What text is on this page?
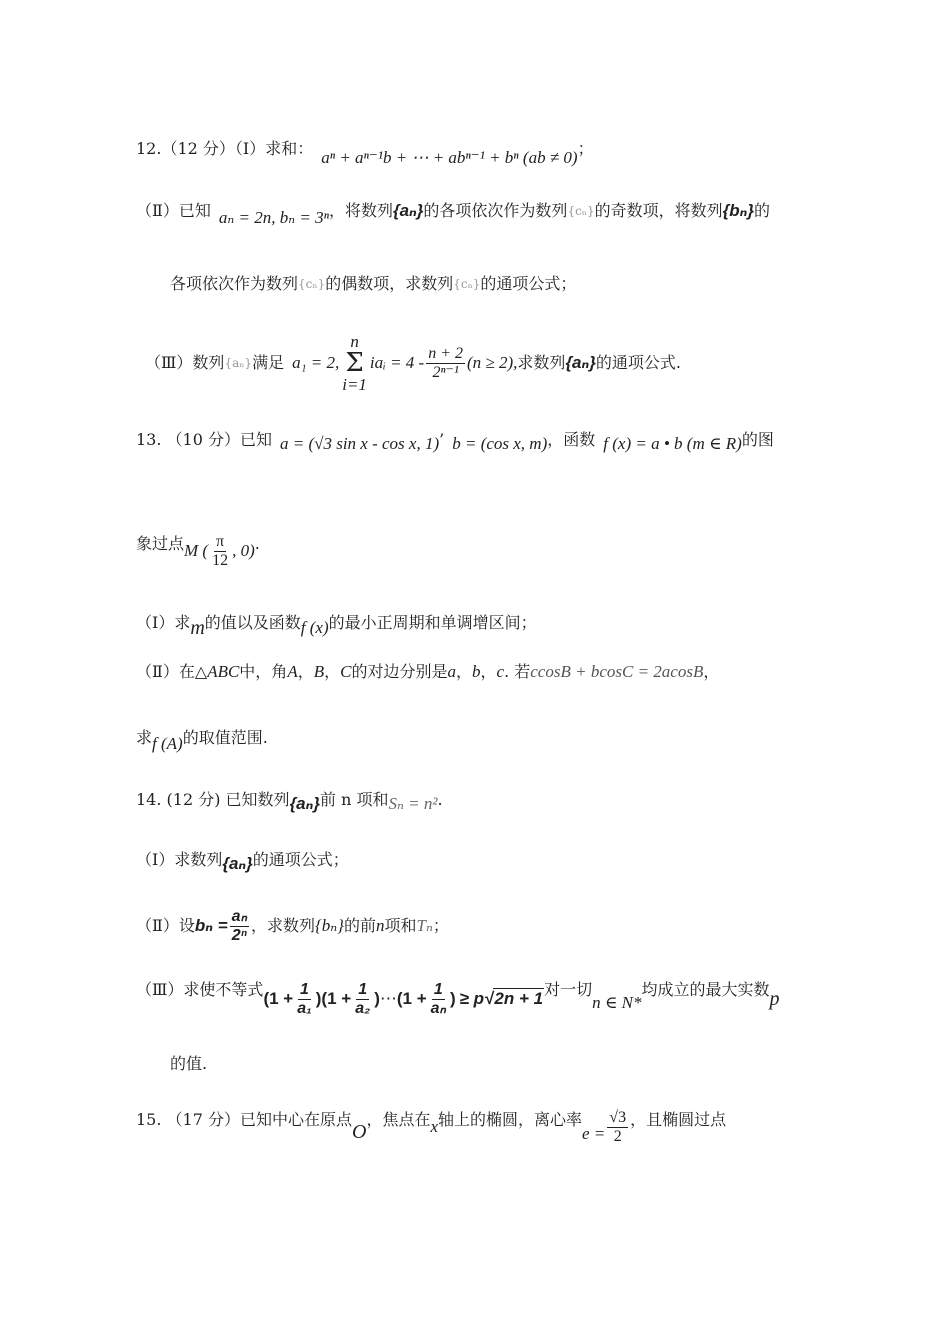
12.（12 分）（Ⅰ）求和： aⁿ + aⁿ⁻¹b + ⋯ + abⁿ⁻¹ + bⁿ (ab ≠ 0) ；
（Ⅱ）已知 aₙ = 2n, bₙ = 3ⁿ ，将数列 {aₙ} 的各项依次作为数列 {cₙ} 的奇数项，将数列 {bₙ} 的
各项依次作为数列 {cₙ} 的偶数项，求数列 {cₙ} 的通项公式；
（Ⅲ）数列 {aₙ} 满足 a₁ = 2,
n
Σ
i=1
iaᵢ = $4 - \frac{n + 2}{\text{2ⁿ⁻¹}} (n \ge 2)$, 求数列 {aₙ} 的通项公式.
13. （10 分）已知 a = (√3 sin x - cos x, 1) ’ b = (cos x, m) ，函数 f (x) = a • b (m ∈ R) 的图
象过点 M ( $\frac{\pi}{12}$ , 0) .
（Ⅰ）求 m 的值以及函数 f (x) 的最小正周期和单调增区间；
（Ⅱ）在△ ABC 中，角 A ， B ， C 的对边分别是 a ， b ， c . 若 ccosB + bcosC = 2acosB ，
求 f (A) 的取值范围.
14. (12 分) 已知数列 {aₙ} 前 n 项和 Sₙ = n² .
（Ⅰ）求数列 {aₙ} 的通项公式；
（Ⅱ）设 $b_n = \frac{\text{aₙ}}{\text{2ⁿ}}$ ，求数列 {bₙ} 的前 n 项和 Tₙ ；
（Ⅲ）求使不等式 ($1 + \frac{1}{\text{a₁}}$ ) ($1 + \frac{1}{\text{a₂}}$ ) ⋯ ($1 + \frac{1}{\text{aₙ}}$ ) ≥ p √2n + 1 对一切
n ∈ N*
均成立的最大实数 p
的值.
15. （17 分）已知中心在原点
O
，焦点在 x 轴上的椭圆，离心率
$e = \frac{√3}{2}$ ，且椭圆过点
